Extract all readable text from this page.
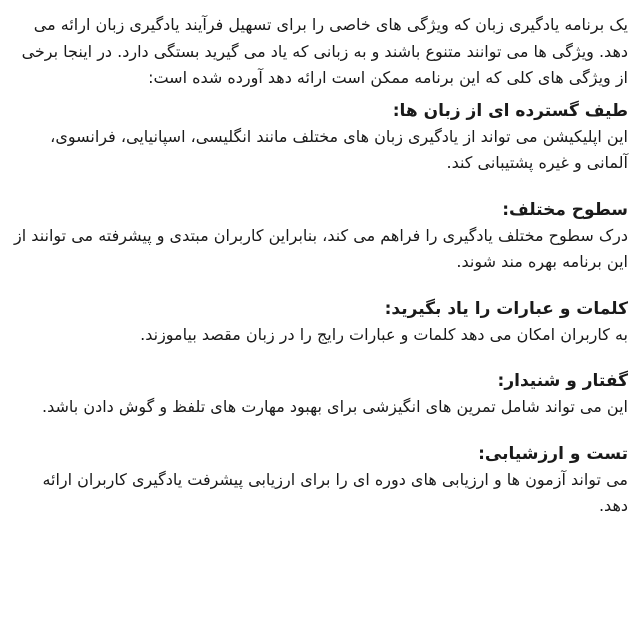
یک برنامه یادگیری زبان که ویژگی های خاصی را برای تسهیل فرآیند یادگیری زبان ارائه می دهد. ویژگی ها می توانند متنوع باشند و به زبانی که یاد می گیرید بستگی دارد. در اینجا برخی از ویژگی های کلی که این برنامه ممکن است ارائه دهد آورده شده است:

طیف گسترده ای از زبان ها:

این اپلیکیشن می تواند از یادگیری زبان های مختلف مانند انگلیسی، اسپانیایی، فرانسوی، آلمانی و غیره پشتیبانی کند.

سطوح مختلف:

درک سطوح مختلف یادگیری را فراهم می کند، بنابراین کاربران مبتدی و پیشرفته می توانند از این برنامه بهره مند شوند.

کلمات و عبارات را یاد بگیرید:

به کاربران امکان می دهد کلمات و عبارات رایج را در زبان مقصد بیاموزند.

گفتار و شنیدار:

این می تواند شامل تمرین های انگیزشی برای بهبود مهارت های تلفظ و گوش دادن باشد.

تست و ارزشیابی:

می تواند آزمون ها و ارزیابی های دوره ای را برای ارزیابی پیشرفت یادگیری کاربران ارائه دهد.
